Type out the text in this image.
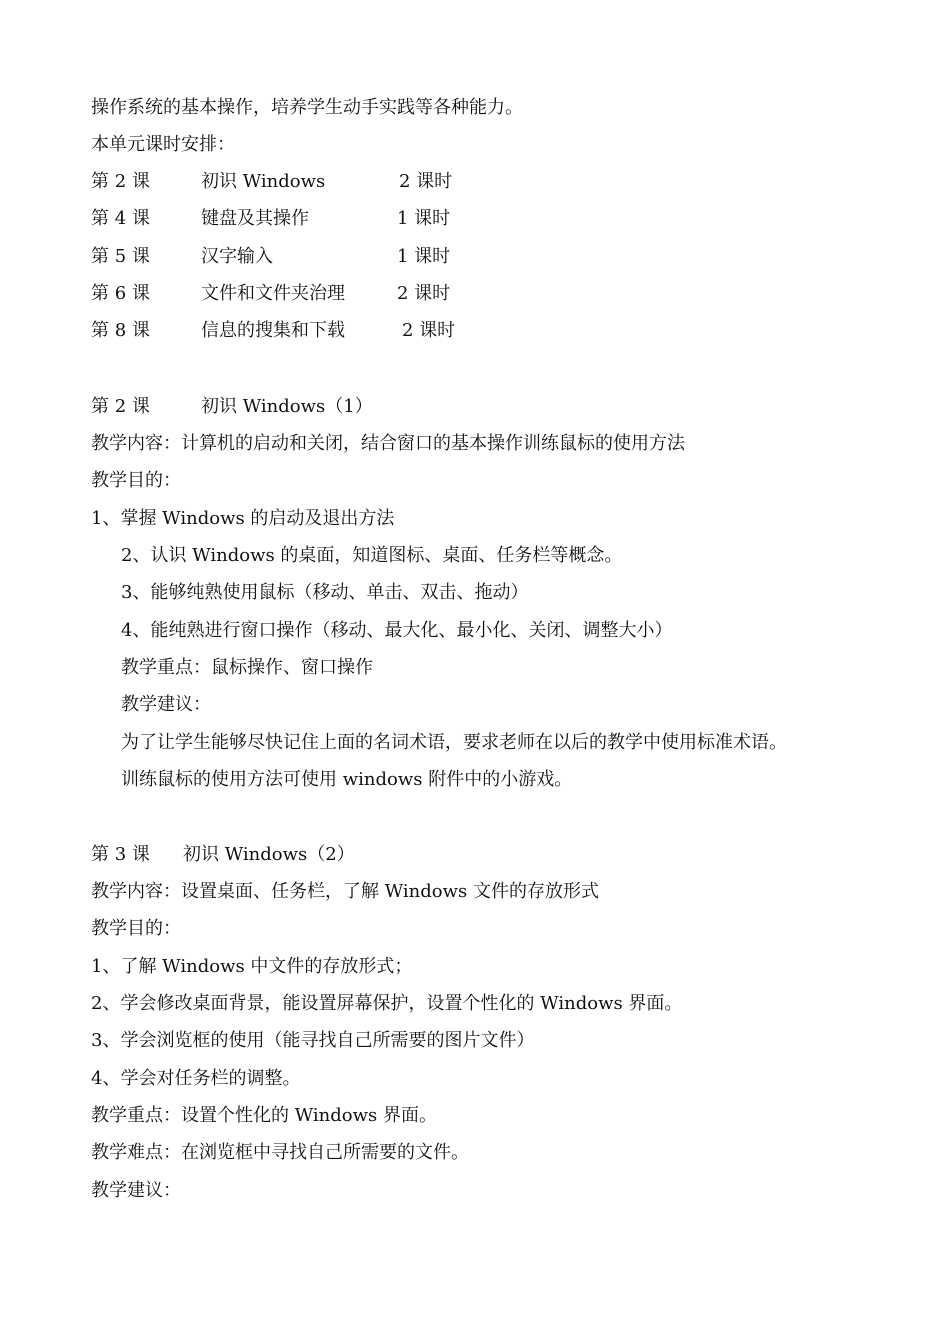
操作系统的基本操作，培养学生动手实践等各种能力。
本单元课时安排：
第 2 课	初识 Windows	2 课时
第 4 课	键盘及其操作	1 课时
第 5 课	汉字输入	1 课时
第 6 课	文件和文件夹治理	2 课时
第 8 课	信息的搜集和下载	2 课时
第 2 课	初识 Windows（1）
教学内容：计算机的启动和关闭，结合窗口的基本操作训练鼠标的使用方法
教学目的：
1、掌握 Windows 的启动及退出方法
2、认识 Windows 的桌面，知道图标、桌面、任务栏等概念。
3、能够纯熟使用鼠标（移动、单击、双击、拖动）
4、能纯熟进行窗口操作（移动、最大化、最小化、关闭、调整大小）
教学重点：鼠标操作、窗口操作
教学建议：
为了让学生能够尽快记住上面的名词术语，要求老师在以后的教学中使用标准术语。
训练鼠标的使用方法可使用 windows 附件中的小游戏。
第 3 课 初识 Windows（2）
教学内容：设置桌面、任务栏，了解 Windows 文件的存放形式
教学目的：
1、了解 Windows 中文件的存放形式；
2、学会修改桌面背景，能设置屏幕保护，设置个性化的 Windows 界面。
3、学会浏览框的使用（能寻找自己所需要的图片文件）
4、学会对任务栏的调整。
教学重点：设置个性化的 Windows 界面。
教学难点：在浏览框中寻找自己所需要的文件。
教学建议：
